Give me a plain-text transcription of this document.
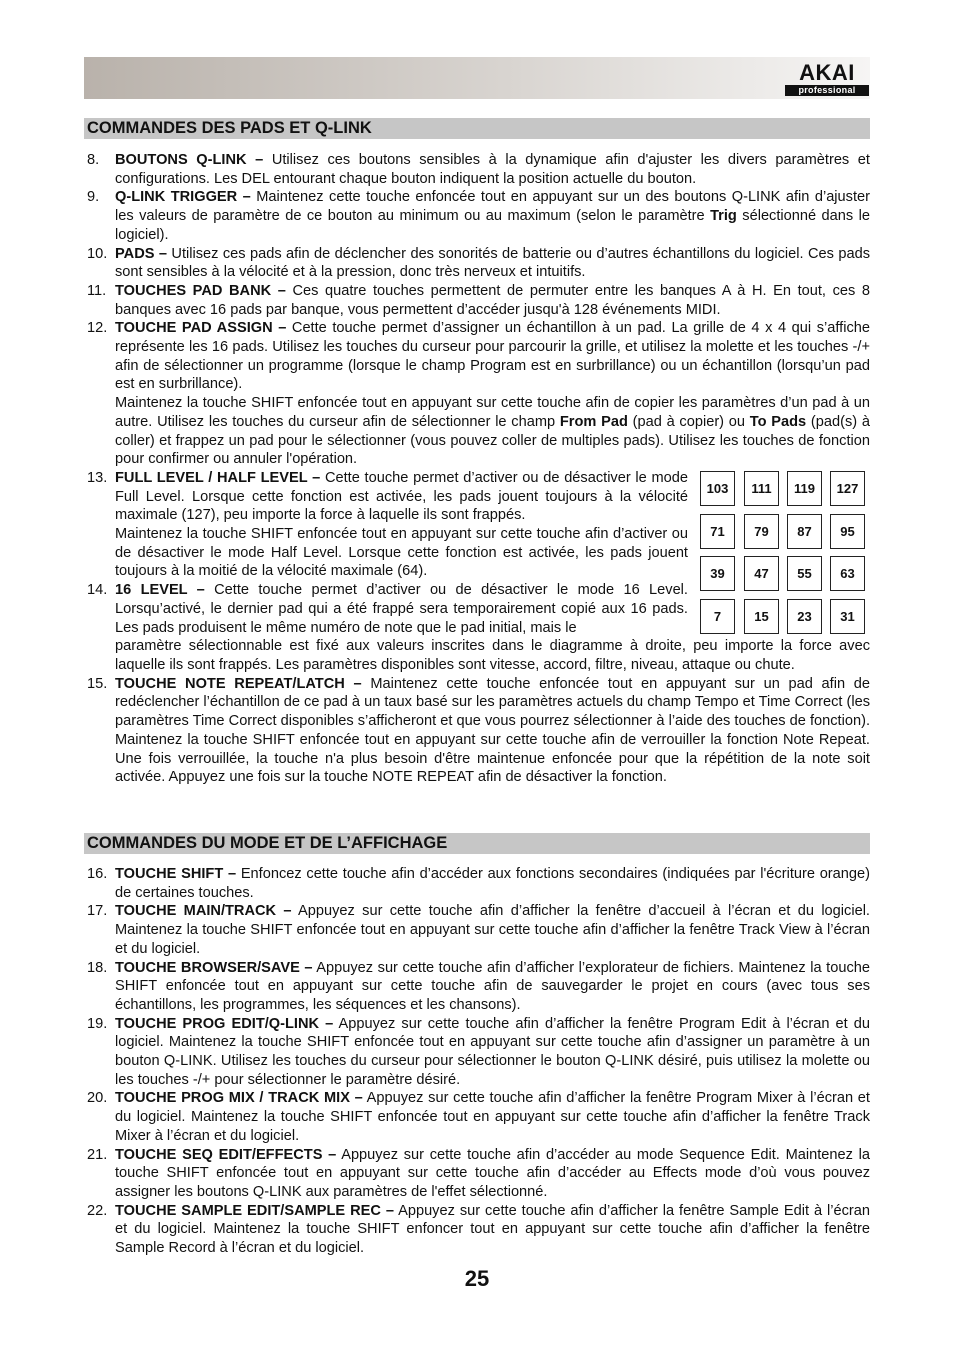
AKAI
professional
COMMANDES DES PADS ET Q-LINK
8. BOUTONS Q-LINK – Utilisez ces boutons sensibles à la dynamique afin d'ajuster les divers paramètres et configurations. Les DEL entourant chaque bouton indiquent la position actuelle du bouton.

9. Q-LINK TRIGGER – Maintenez cette touche enfoncée tout en appuyant sur un des boutons Q-LINK afin d’ajuster les valeurs de paramètre de ce bouton au minimum ou au maximum (selon le paramètre Trig sélectionné dans le logiciel).

10. PADS – Utilisez ces pads afin de déclencher des sonorités de batterie ou d’autres échantillons du logiciel. Ces pads sont sensibles à la vélocité et à la pression, donc très nerveux et intuitifs.

11. TOUCHES PAD BANK – Ces quatre touches permettent de permuter entre les banques A à H. En tout, ces 8 banques avec 16 pads par banque, vous permettent d’accéder jusqu'à 128 événements MIDI.

12. TOUCHE PAD ASSIGN – Cette touche permet d’assigner un échantillon à un pad. La grille de 4 x 4 qui s’affiche représente les 16 pads. Utilisez les touches du curseur pour parcourir la grille, et utilisez la molette et les touches -/+ afin de sélectionner un programme (lorsque le champ Program est en surbrillance) ou un échantillon (lorsqu’un pad est en surbrillance).

Maintenez la touche SHIFT enfoncée tout en appuyant sur cette touche afin de copier les paramètres d’un pad à un autre. Utilisez les touches du curseur afin de sélectionner le champ From Pad (pad à copier) ou To Pads (pad(s) à coller) et frappez un pad pour le sélectionner (vous pouvez coller de multiples pads). Utilisez les touches de fonction pour confirmer ou annuler l'opération.

13. FULL LEVEL / HALF LEVEL – Cette touche permet d’activer ou de désactiver le mode Full Level. Lorsque cette fonction est activée, les pads jouent toujours à la vélocité maximale (127), peu importe la force à laquelle ils sont frappés.

Maintenez la touche SHIFT enfoncée tout en appuyant sur cette touche afin d’activer ou de désactiver le mode Half Level. Lorsque cette fonction est activée, les pads jouent toujours à la moitié de la vélocité maximale (64).

14. 16 LEVEL – Cette touche permet d’activer ou de désactiver le mode 16 Level. Lorsqu’activé, le dernier pad qui a été frappé sera temporairement copié aux 16 pads. Les pads produisent le même numéro de note que le pad initial, mais le

paramètre sélectionnable est fixé aux valeurs inscrites dans le diagramme à droite, peu importe la force avec laquelle ils sont frappés. Les paramètres disponibles sont vitesse, accord, filtre, niveau, attaque ou chute.

15. TOUCHE NOTE REPEAT/LATCH – Maintenez cette touche enfoncée tout en appuyant sur un pad afin de redéclencher l’échantillon de ce pad à un taux basé sur les paramètres actuels du champ Tempo et Time Correct (les paramètres Time Correct disponibles s’afficheront et que vous pourrez sélectionner à l’aide des touches de fonction). Maintenez la touche SHIFT enfoncée tout en appuyant sur cette touche afin de verrouiller la fonction Note Repeat. Une fois verrouillée, la touche n'a plus besoin d'être maintenue enfoncée pour que la répétition de la note soit activée. Appuyez une fois sur la touche NOTE REPEAT afin de désactiver la fonction.

103	111	119	127
71	79	87	95
39	47	55	63
7	15	23	31
COMMANDES DU MODE ET DE L’AFFICHAGE
16. TOUCHE SHIFT – Enfoncez cette touche afin d’accéder aux fonctions secondaires (indiquées par l'écriture orange) de certaines touches.

17. TOUCHE MAIN/TRACK – Appuyez sur cette touche afin d’afficher la fenêtre d’accueil à l’écran et du logiciel. Maintenez la touche SHIFT enfoncée tout en appuyant sur cette touche afin d’afficher la fenêtre Track View à l’écran et du logiciel.

18. TOUCHE BROWSER/SAVE – Appuyez sur cette touche afin d’afficher l’explorateur de fichiers. Maintenez la touche SHIFT enfoncée tout en appuyant sur cette touche afin de sauvegarder le projet en cours (avec tous ses échantillons, les programmes, les séquences et les chansons).

19. TOUCHE PROG EDIT/Q-LINK – Appuyez sur cette touche afin d’afficher la fenêtre Program Edit à l’écran et du logiciel. Maintenez la touche SHIFT enfoncée tout en appuyant sur cette touche afin d’assigner un paramètre à un bouton Q-LINK. Utilisez les touches du curseur pour sélectionner le bouton Q-LINK désiré, puis utilisez la molette ou les touches -/+ pour sélectionner le paramètre désiré.

20. TOUCHE PROG MIX / TRACK MIX – Appuyez sur cette touche afin d’afficher la fenêtre Program Mixer à l’écran et du logiciel. Maintenez la touche SHIFT enfoncée tout en appuyant sur cette touche afin d’afficher la fenêtre Track Mixer à l’écran et du logiciel.

21. TOUCHE SEQ EDIT/EFFECTS – Appuyez sur cette touche afin d’accéder au mode Sequence Edit. Maintenez la touche SHIFT enfoncée tout en appuyant sur cette touche afin d’accéder au Effects mode d’où vous pouvez assigner les boutons Q-LINK aux paramètres de l'effet sélectionné.

22. TOUCHE SAMPLE EDIT/SAMPLE REC – Appuyez sur cette touche afin d’afficher la fenêtre Sample Edit à l’écran et du logiciel. Maintenez la touche SHIFT enfoncer tout en appuyant sur cette touche afin d’afficher la fenêtre Sample Record à l’écran et du logiciel.

25
